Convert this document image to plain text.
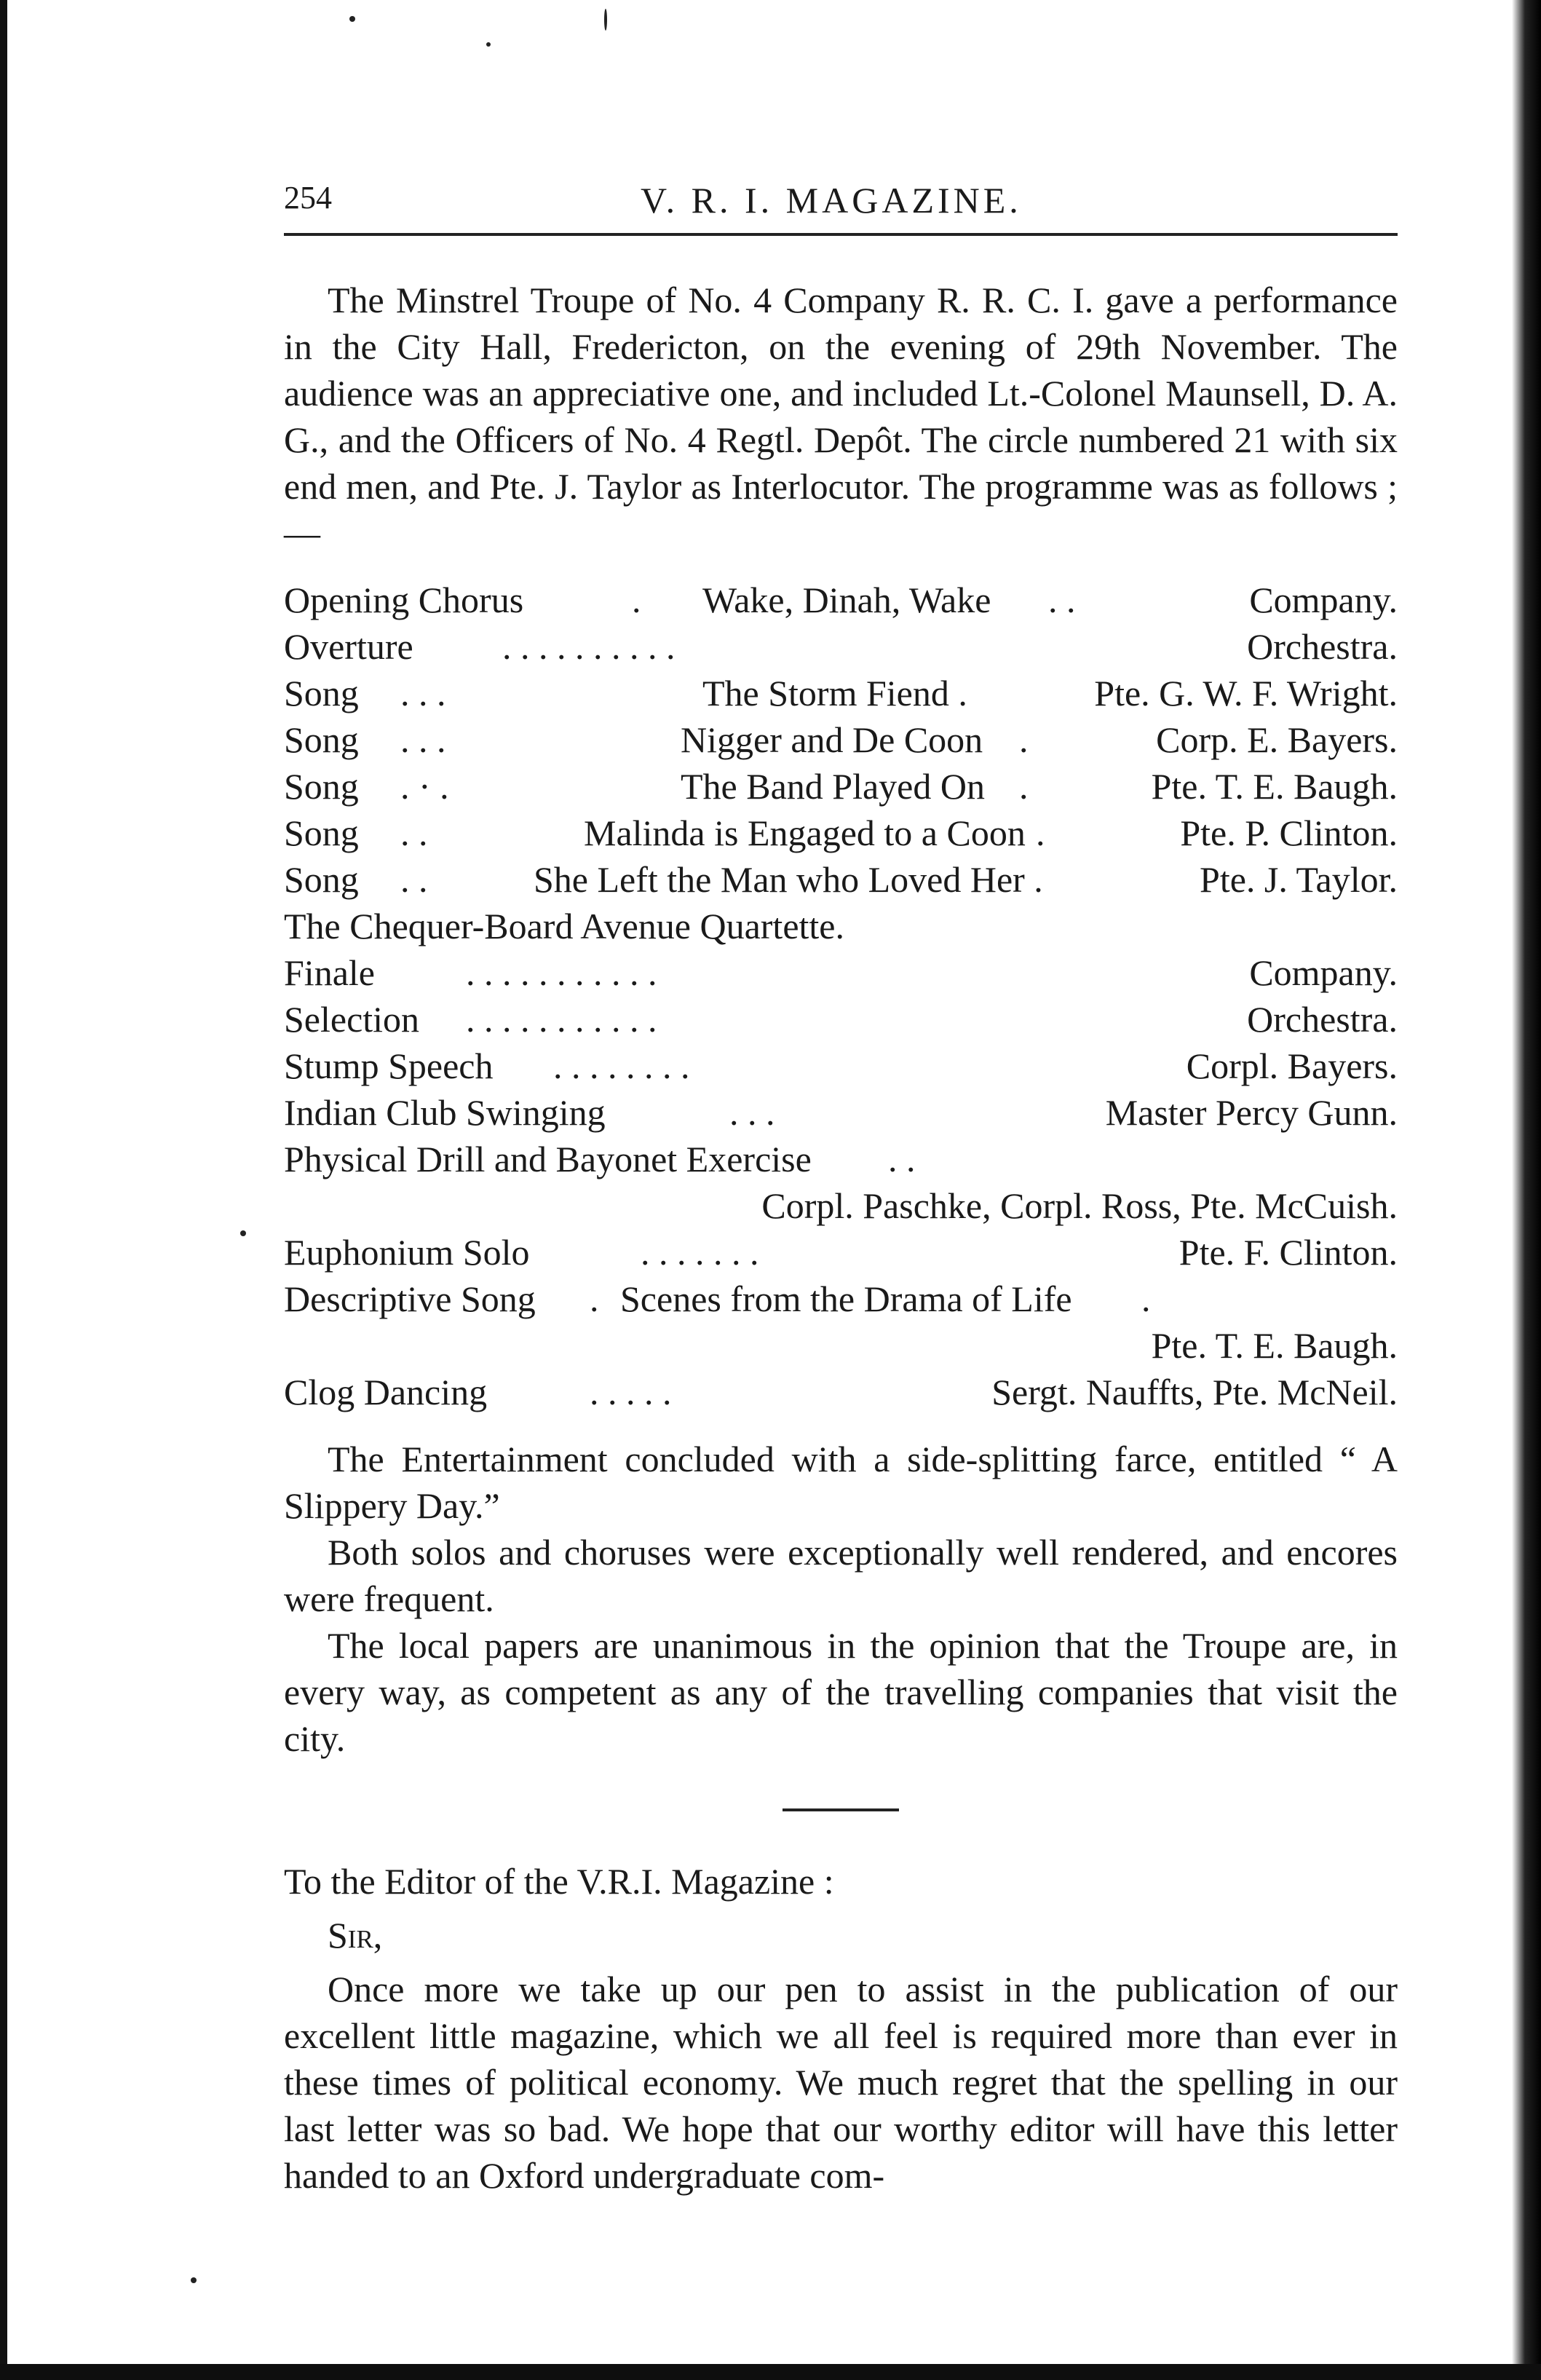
254	V. R. I. MAGAZINE.

The Minstrel Troupe of No. 4 Company R. R. C. I. gave a performance in the City Hall, Fredericton, on the evening of 29th November. The audience was an appreciative one, and included Lt.-Colonel Maunsell, D. A. G., and the Officers of No. 4 Regtl. Depôt. The circle numbered 21 with six end men, and Pte. J. Taylor as Interlocutor. The programme was as follows ;—

Opening Chorus	. Wake, Dinah, Wake . .	Company.
Overture . . . . . . . . . .	Orchestra.
Song . . .	The Storm Fiend .	Pte. G. W. F. Wright.
Song . . .	Nigger and De Coon .	Corp. E. Bayers.
Song . · .	The Band Played On .	Pte. T. E. Baugh.
Song . .	Malinda is Engaged to a Coon .	Pte. P. Clinton.
Song . .	She Left the Man who Loved Her .	Pte. J. Taylor.
The Chequer-Board Avenue Quartette.
Finale	. . . . . . . . . . .	Company.
Selection . . . . . . . . . . .	Orchestra.
Stump Speech . . . . . . . .	Corpl. Bayers.
Indian Club Swinging	. . .	Master Percy Gunn.
Physical Drill and Bayonet Exercise . .
Corpl. Paschke, Corpl. Ross, Pte. McCuish.
Euphonium Solo	. . . . . . .	Pte. F. Clinton.
Descriptive Song . Scenes from the Drama of Life .
Pte. T. E. Baugh.
Clog Dancing	. . . . .	Sergt. Nauffts, Pte. McNeil.

The Entertainment concluded with a side-splitting farce, entitled “ A Slippery Day.”

Both solos and choruses were exceptionally well rendered, and encores were frequent.

The local papers are unanimous in the opinion that the Troupe are, in every way, as competent as any of the travelling companies that visit the city.

To the Editor of the V.R.I. Magazine :

Sir,

Once more we take up our pen to assist in the publication of our excellent little magazine, which we all feel is required more than ever in these times of political economy. We much regret that the spelling in our last letter was so bad. We hope that our worthy editor will have this letter handed to an Oxford undergraduate com-
